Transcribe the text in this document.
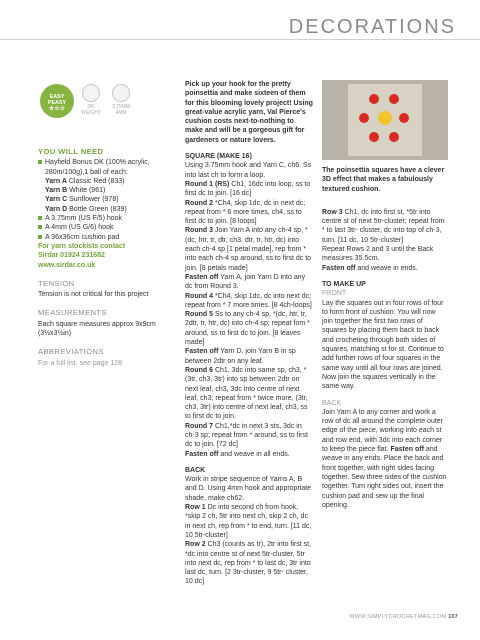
DECORATIONS
EASY
PEASY
★☆☆	DK WEIGHT
3.75MM 4MM
YOU WILL NEED
Hayfield Bonus DK (100% acrylic, 280m/100g),1 ball of each:
Yarn A Classic Red (833)
Yarn B White (961)
Yarn C Sunflower (978)
Yarn D Bottle Green (839)
A 3.75mm (US F/5) hook
A 4mm (US G/6) hook
A 36x36cm cushion pad
For yarn stockists contact
Sirdar 01924 231682
www.sirdar.co.uk
TENSION
Tension is not critical for this project
MEASUREMENTS
Each square measures approx 9x9cm (3½x3½in)
ABBREVIATIONS
For a full list, see page 128

Pick up your hook for the pretty poinsettia and make sixteen of them for this blooming lovely project! Using great-value acrylic yarn, Val Pierce's cushion costs next-to-nothing to make and will be a gorgeous gift for gardeners or nature lovers.

SQUARE (MAKE 16)

Using 3.75mm hook and Yarn C, ch6. Ss into last ch to form a loop.

Round 1 (RS) Ch1, 16dc into loop, ss to first dc to join. [16 dc]

Round 2 *Ch4, skip 1dc, dc in next dc; repeat from * 6 more times, ch4, ss to first dc to join. [8 loops]

Round 3 Join Yarn A into any ch-4 sp, *(dc, htr, tr, dtr, ch3, dtr, tr, htr, dc) into each ch-4 sp [1 petal made], rep from * into each ch-4 sp around, ss to first dc to join. [8 petals made]

Fasten off Yarn A, join Yarn D into any dc from Round 3.

Round 4 *Ch4, skip 1dc, dc into next dc; repeat from * 7 more times. [8 4ch-loops]

Round 5 Ss to any ch-4 sp, *(dc, htr, tr, 2dtr, tr, htr, dc) into ch-4 sp; repeat fom * around, ss to first dc to join. [8 leaves made]

Fasten off Yarn D, join Yarn B in sp between 2dtr on any leaf.

Round 6 Ch1, 3dc into same sp, ch3, *(3tr, ch3, 3tr) into sp between 2dtr on next leaf, ch3, 3dc into centre of next leaf, ch3; repeat from * twice more, (3tr, ch3, 3tr) into centre of next leaf, ch3, ss to first dc to join.

Round 7 Ch1,*dc in next 3 sts, 3dc in ch-3 sp; repeat from * around, ss to first dc to join. [72 dc]

Fasten off and weave in all ends.

BACK

Work in stripe sequence of Yarns A, B and D. Using 4mm hook and appropriate shade, make ch62.

Row 1 Dc into second ch from hook, *skip 2 ch, 5tr into next ch, skip 2 ch, dc in next ch, rep from * to end, turn. [11 dc, 10 5tr-cluster]

Row 2 Ch3 (counts as tr), 2tr into first st, *dc into centre st of next 5tr-cluster, 5tr into next dc, rep from * to last dc, 3tr into last dc, turn. [2 3tr-cluster, 9 5tr- cluster, 10 dc]

The poinsettia squares have a clever 3D effect that makes a fabulously textured cushion.

Row 3 Ch1, dc into first st, *5tr into centre st of next 5tr-cluster; repeat from * to last 3tr- cluster, dc into top of ch-3, turn. [11 dc, 10 5tr-cluster]

Repeat Rows 2 and 3 until the Back measures 35.5cm.

Fasten off and weave in ends.

TO MAKE UP

FRONT

Lay the squares out in four rows of four to form front of cushion. You will now join together the first two rows of squares by placing them back to back and crocheting through both sides of squares, matching st for st. Continue to add further rows of four squares in the same way until all four rows are joined. Now join the squares vertically in the same way.

BACK

Join Yarn A to any corner and work a row of dc all around the complete outer edge of the piece, working into each st and row end, with 3dc into each corner to keep the piece flat. Fasten off and weave in any ends. Place the back and front together, with right sides facing together. Sew three sides of the cushion together. Turn right sides out, insert the cushion pad and sew up the final opening.

WWW.SIMPLYCROCHETMAG.COM 107
